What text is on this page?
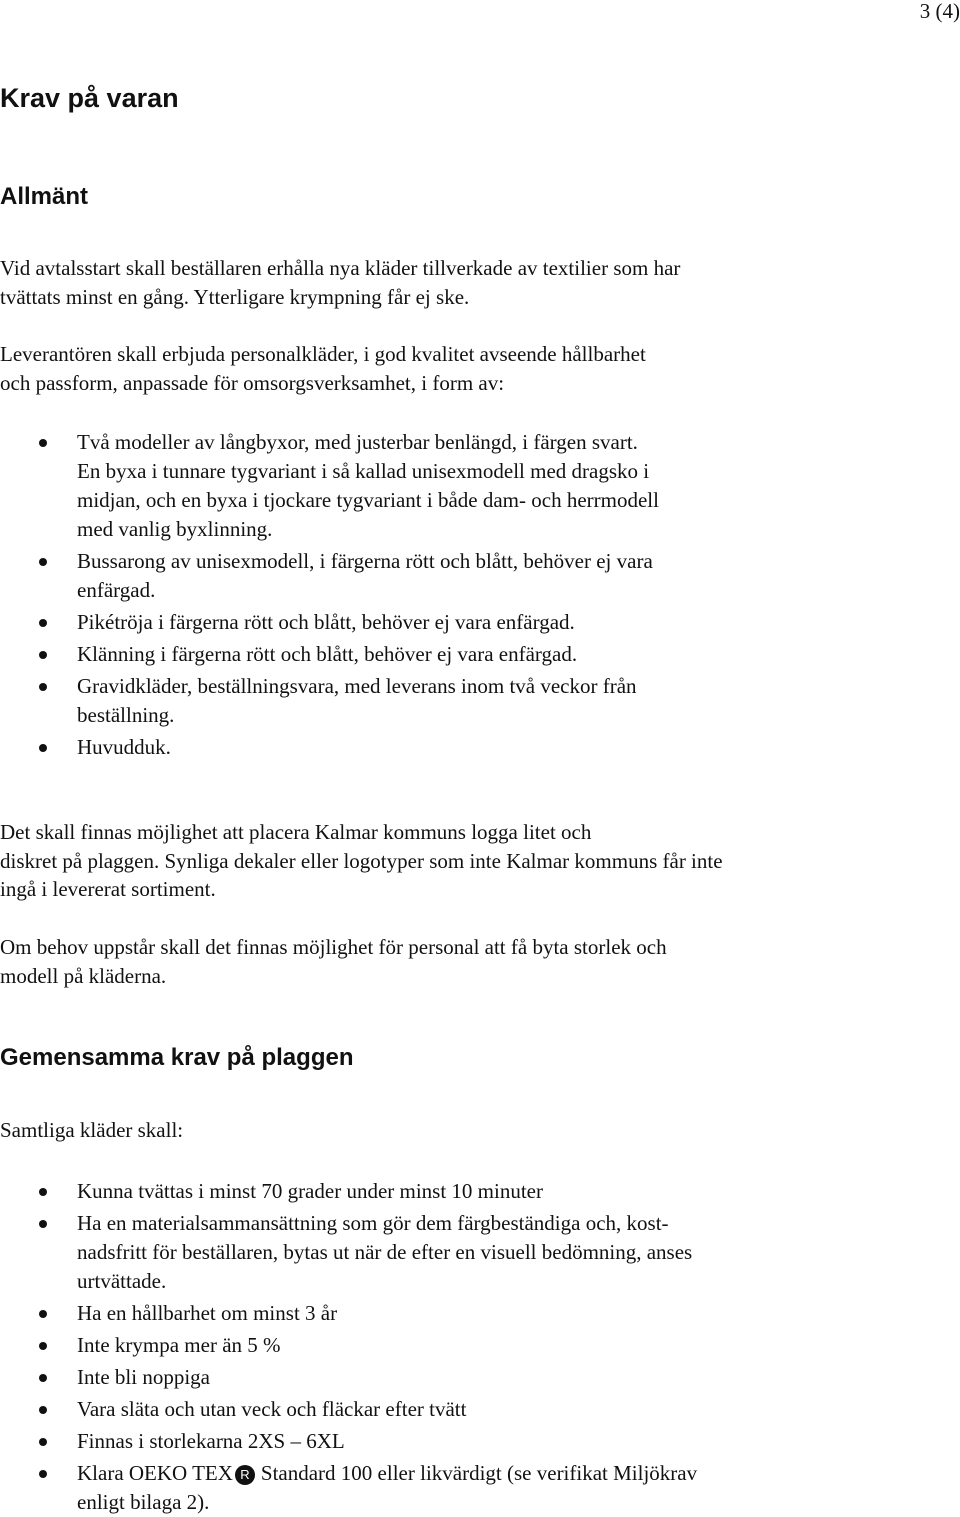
3 (4)
Krav på varan
Allmänt

Vid avtalsstart skall beställaren erhålla nya kläder tillverkade av textilier som har
tvättats minst en gång. Ytterligare krympning får ej ske.

Leverantören skall erbjuda personalkläder, i god kvalitet avseende hållbarhet
och passform, anpassade för omsorgsverksamhet, i form av:

Två modeller av långbyxor, med justerbar benlängd, i färgen svart.
En byxa i tunnare tygvariant i så kallad unisexmodell med dragsko i
midjan, och en byxa i tjockare tygvariant i både dam- och herrmodell
med vanlig byxlinning.
Bussarong av unisexmodell, i färgerna rött och blått, behöver ej vara
enfärgad.
Pikétröja i färgerna rött och blått, behöver ej vara enfärgad.
Klänning i färgerna rött och blått, behöver ej vara enfärgad.
Gravidkläder, beställningsvara, med leverans inom två veckor från
beställning.
Huvudduk.

Det skall finnas möjlighet att placera Kalmar kommuns logga litet och
diskret på plaggen. Synliga dekaler eller logotyper som inte Kalmar kommuns får inte
ingå i levererat sortiment.

Om behov uppstår skall det finnas möjlighet för personal att få byta storlek och
modell på kläderna.

Gemensamma krav på plaggen

Samtliga kläder skall:

Kunna tvättas i minst 70 grader under minst 10 minuter
Ha en materialsammansättning som gör dem färgbeständiga och, kost-
nadsfritt för beställaren, bytas ut när de efter en visuell bedömning, anses
urtvättade.
Ha en hållbarhet om minst 3 år
Inte krympa mer än 5 %
Inte bli noppiga
Vara släta och utan veck och fläckar efter tvätt
Finnas i storlekarna 2XS – 6XL
Klara OEKO TEX R Standard 100 eller likvärdigt (se verifikat Miljökrav
enligt bilaga 2).
